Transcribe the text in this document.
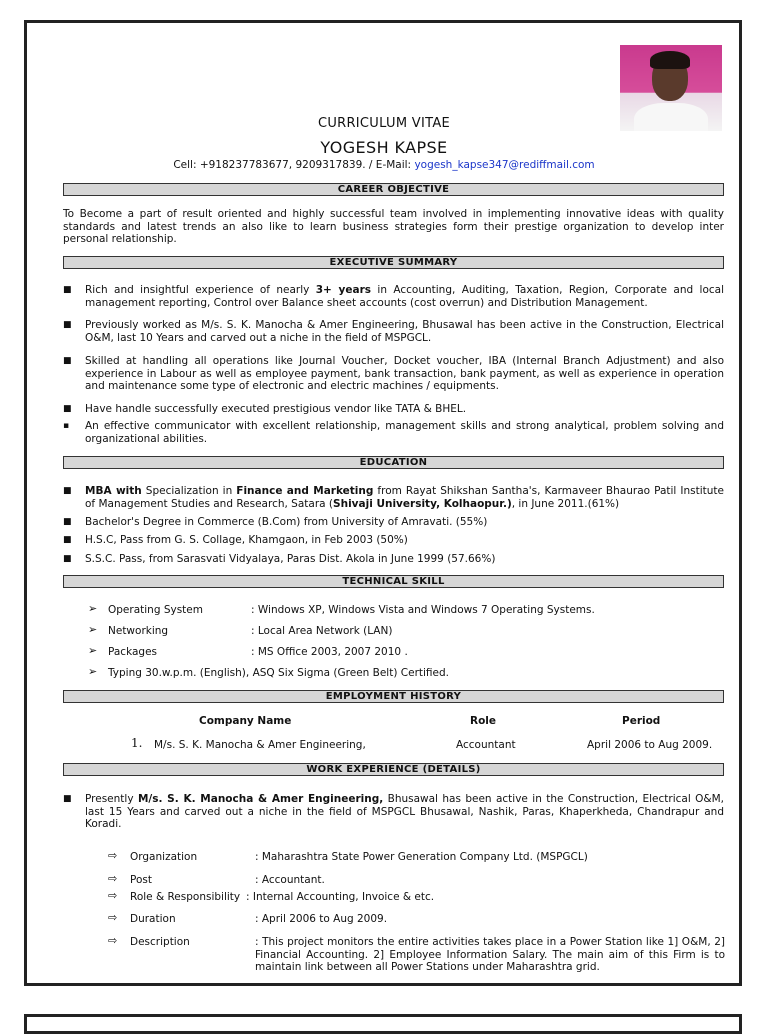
CURRICULUM VITAE
YOGESH KAPSE
Cell: +918237783677, 9209317839. / E-Mail: yogesh_kapse347@rediffmail.com
CAREER OBJECTIVE
To Become a part of result oriented and highly successful team involved in implementing innovative ideas with quality standards and latest trends an also like to learn business strategies form their prestige organization to develop inter personal relationship.
EXECUTIVE SUMMARY
■ Rich and insightful experience of nearly 3+ years in Accounting, Auditing, Taxation, Region, Corporate and local management reporting, Control over Balance sheet accounts (cost overrun) and Distribution Management.
■ Previously worked as M/s. S. K. Manocha & Amer Engineering, Bhusawal has been active in the Construction, Electrical O&M, last 10 Years and carved out a niche in the field of MSPGCL.
■ Skilled at handling all operations like Journal Voucher, Docket voucher, IBA (Internal Branch Adjustment) and also experience in Labour as well as employee payment, bank transaction, bank payment, as well as experience in operation and maintenance some type of electronic and electric machines / equipments.
■ Have handle successfully executed prestigious vendor like TATA & BHEL.
▪ An effective communicator with excellent relationship, management skills and strong analytical, problem solving and organizational abilities.
EDUCATION
■ MBA with Specialization in Finance and Marketing from Rayat Shikshan Santha's, Karmaveer Bhaurao Patil Institute of Management Studies and Research, Satara (Shivaji University, Kolhaopur.), in June 2011.(61%)
■ Bachelor's Degree in Commerce (B.Com) from University of Amravati. (55%)
■ H.S.C, Pass from G. S. Collage, Khamgaon, in Feb 2003 (50%)
■ S.S.C. Pass, from Sarasvati Vidyalaya, Paras Dist. Akola in June 1999 (57.66%)
TECHNICAL SKILL
➢ Operating System	: Windows XP, Windows Vista and Windows 7 Operating Systems.
➢ Networking	: Local Area Network (LAN)
➢ Packages	: MS Office 2003, 2007 2010 .
➢ Typing 30.w.p.m. (English), ASQ Six Sigma (Green Belt) Certified.
EMPLOYMENT HISTORY
Company Name	Role	Period
1. M/s. S. K. Manocha & Amer Engineering,	Accountant	April 2006 to Aug 2009.
WORK EXPERIENCE (DETAILS)
■ Presently M/s. S. K. Manocha & Amer Engineering, Bhusawal has been active in the Construction, Electrical O&M, last 15 Years and carved out a niche in the field of MSPGCL Bhusawal, Nashik, Paras, Khaperkheda, Chandrapur and Koradi.
⇨ Organization	: Maharashtra State Power Generation Company Ltd. (MSPGCL)
⇨ Post	: Accountant.
⇨ Role & Responsibility : Internal Accounting, Invoice & etc.
⇨ Duration	: April 2006 to Aug 2009.
⇨ Description	: This project monitors the entire activities takes place in a Power Station like 1] O&M, 2] Financial Accounting. 2] Employee Information Salary. The main aim of this Firm is to maintain link between all Power Stations under Maharashtra grid.
